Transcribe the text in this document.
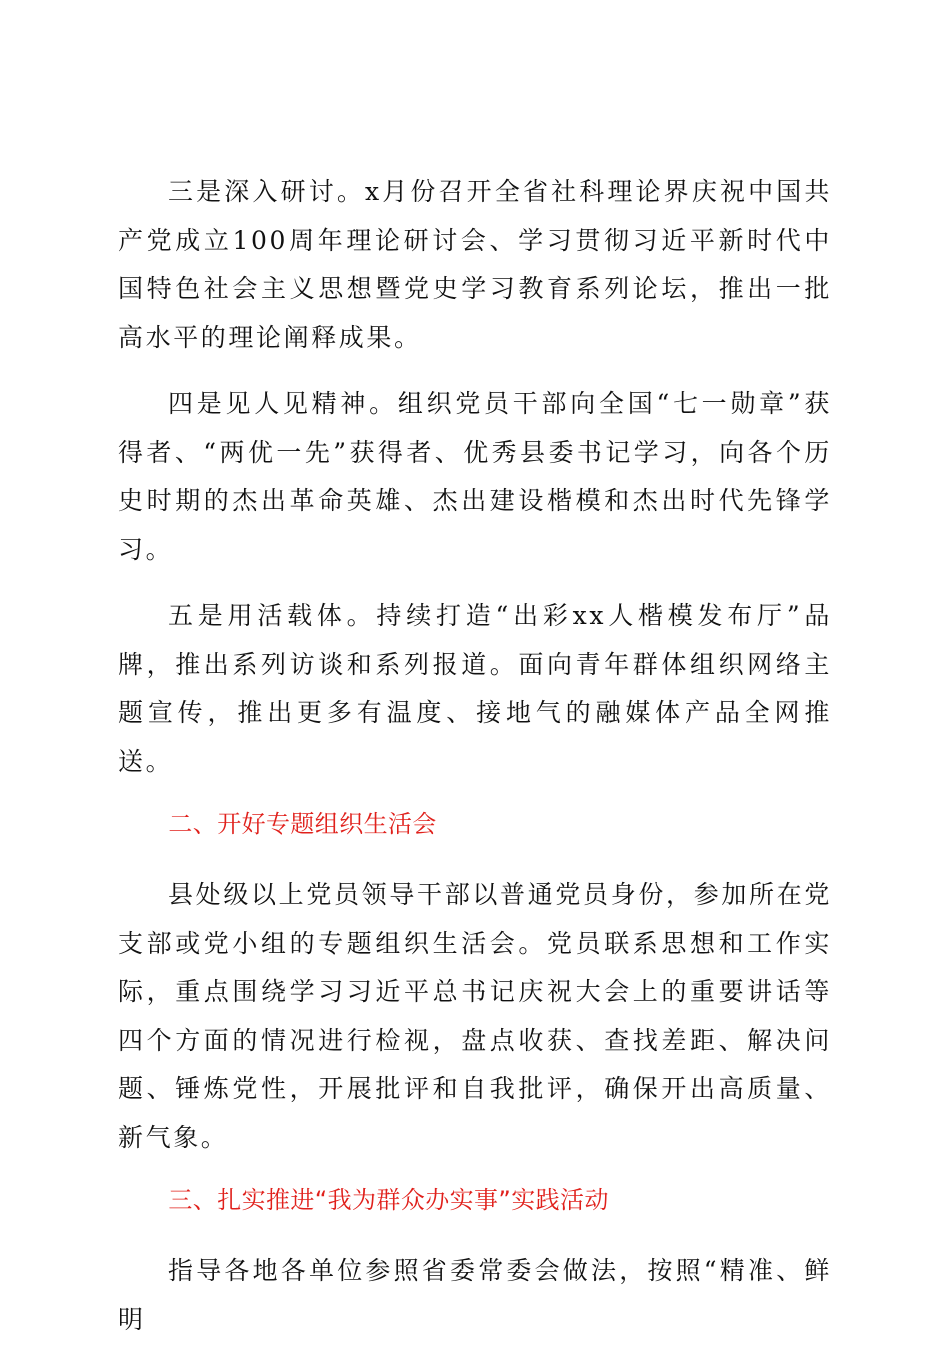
三是深入研讨。x月份召开全省社科理论界庆祝中国共产党成立100周年理论研讨会、学习贯彻习近平新时代中国特色社会主义思想暨党史学习教育系列论坛，推出一批高水平的理论阐释成果。

四是见人见精神。组织党员干部向全国“七一勋章”获得者、“两优一先”获得者、优秀县委书记学习，向各个历史时期的杰出革命英雄、杰出建设楷模和杰出时代先锋学习。

五是用活载体。持续打造“出彩xx人楷模发布厅”品牌，推出系列访谈和系列报道。面向青年群体组织网络主题宣传，推出更多有温度、接地气的融媒体产品全网推送。

二、开好专题组织生活会

县处级以上党员领导干部以普通党员身份，参加所在党支部或党小组的专题组织生活会。党员联系思想和工作实际，重点围绕学习习近平总书记庆祝大会上的重要讲话等四个方面的情况进行检视，盘点收获、查找差距、解决问题、锤炼党性，开展批评和自我批评，确保开出高质量、新气象。

三、扎实推进“我为群众办实事”实践活动

指导各地各单位参照省委常委会做法，按照“精准、鲜明
